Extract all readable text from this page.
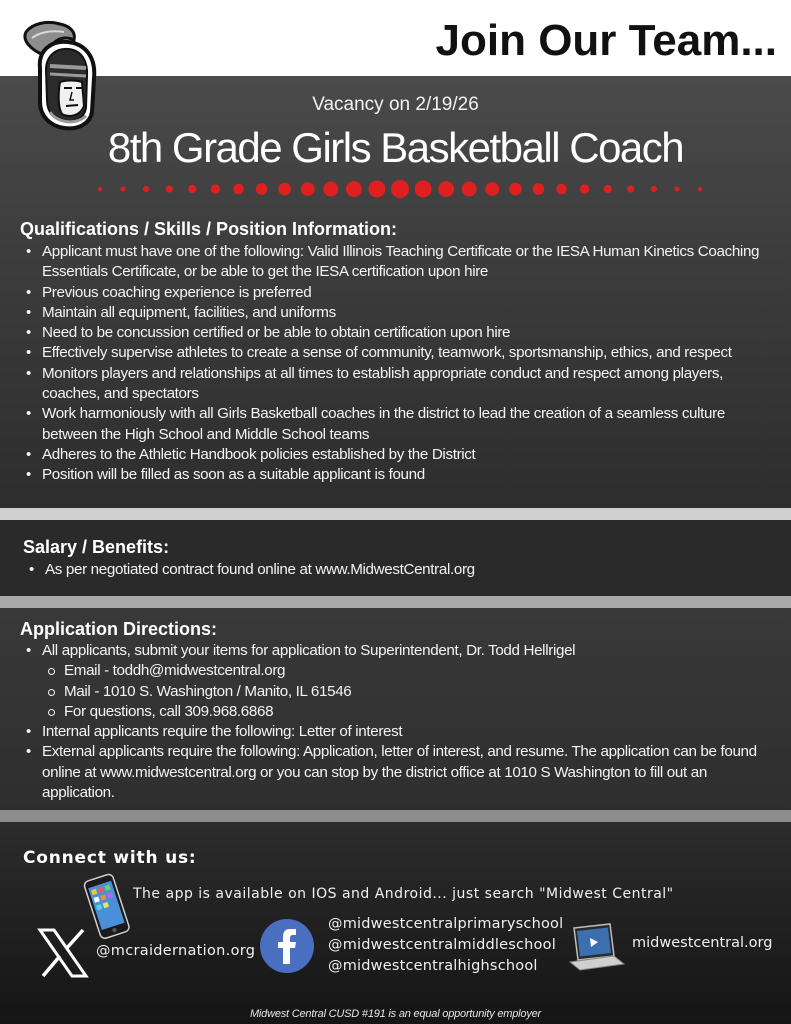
Join Our Team...
Vacancy on 2/19/26
8th Grade Girls Basketball Coach
Qualifications / Skills / Position Information:
• Applicant must have one of the following: Valid Illinois Teaching Certificate or the IESA Human Kinetics Coaching Essentials Certificate, or be able to get the IESA certification upon hire
• Previous coaching experience is preferred
• Maintain all equipment, facilities, and uniforms
• Need to be concussion certified or be able to obtain certification upon hire
• Effectively supervise athletes to create a sense of community, teamwork, sportsmanship, ethics, and respect
• Monitors players and relationships at all times to establish appropriate conduct and respect among players, coaches, and spectators
• Work harmoniously with all Girls Basketball coaches in the district to lead the creation of a seamless culture between the High School and Middle School teams
• Adheres to the Athletic Handbook policies established by the District
• Position will be filled as soon as a suitable applicant is found
Salary / Benefits:
• As per negotiated contract found online at www.MidwestCentral.org
Application Directions:
• All applicants, submit your items for application to Superintendent, Dr. Todd Hellrigel
Email - toddh@midwestcentral.org
Mail - 1010 S. Washington / Manito, IL 61546
For questions, call 309.968.6868
• Internal applicants require the following: Letter of interest
• External applicants require the following: Application, letter of interest, and resume. The application can be found online at www.midwestcentral.org or you can stop by the district office at 1010 S Washington to fill out an application.
Connect with us:
The app is available on IOS and Android... just search "Midwest Central"
@mcraidernation.org
@midwestcentralprimaryschool
@midwestcentralmiddleschool
@midwestcentralhighschool
midwestcentral.org
Midwest Central CUSD #191 is an equal opportunity employer
